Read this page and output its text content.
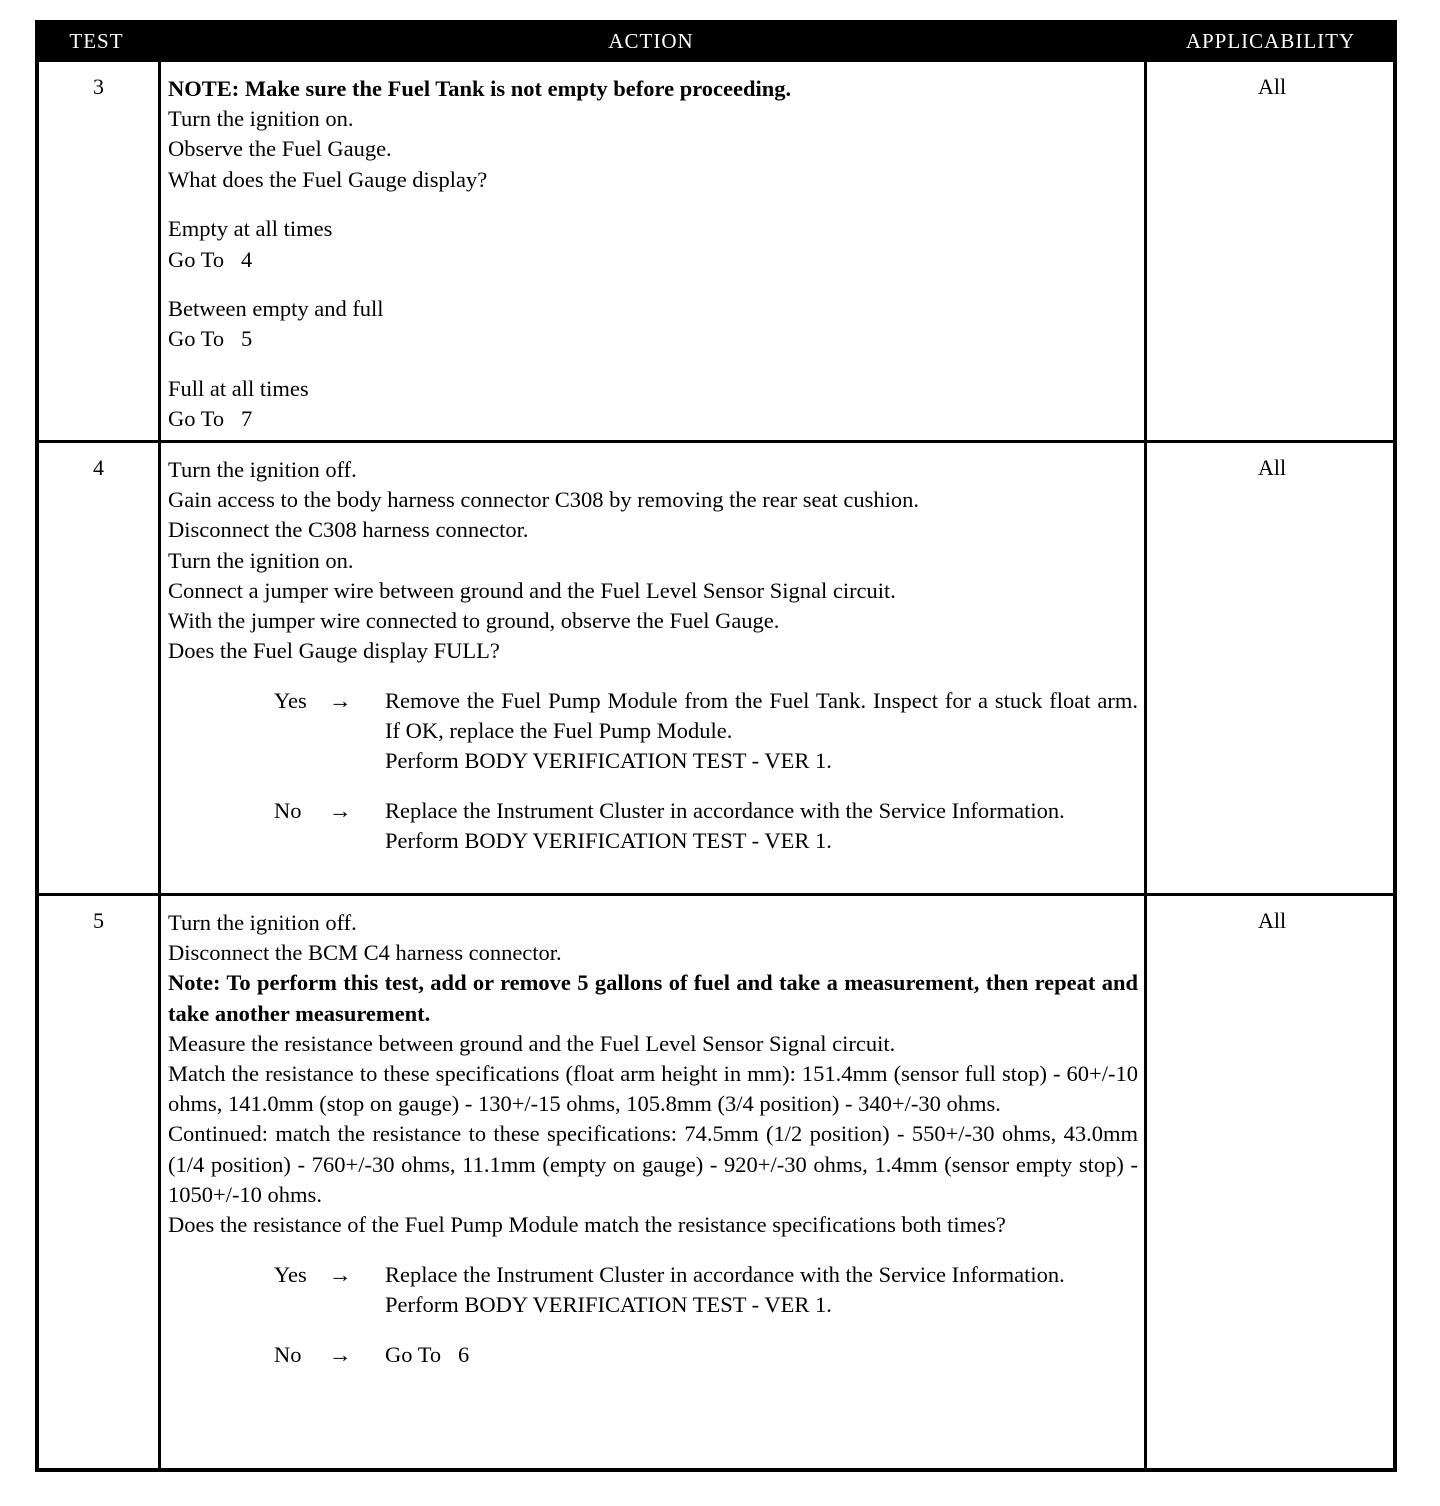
TEST	ACTION	APPLICABILITY
3	NOTE: Make sure the Fuel Tank is not empty before proceeding.

Turn the ignition on.

Observe the Fuel Gauge.

What does the Fuel Gauge display?

Empty at all times

Go To   4

Between empty and full

Go To   5

Full at all times

Go To   7

All
4	Turn the ignition off.

Gain access to the body harness connector C308 by removing the rear seat cushion.

Disconnect the C308 harness connector.

Turn the ignition on.

Connect a jumper wire between ground and the Fuel Level Sensor Signal circuit.

With the jumper wire connected to ground, observe the Fuel Gauge.

Does the Fuel Gauge display FULL?

Yes →	Remove the Fuel Pump Module from the Fuel Tank. Inspect for a stuck float arm. If OK, replace the Fuel Pump Module.

Perform BODY VERIFICATION TEST - VER 1.

No	→	Replace the Instrument Cluster in accordance with the Service Information.

Perform BODY VERIFICATION TEST - VER 1.

All
5	Turn the ignition off.

Disconnect the BCM C4 harness connector.

Note: To perform this test, add or remove 5 gallons of fuel and take a measurement, then repeat and take another measurement.

Measure the resistance between ground and the Fuel Level Sensor Signal circuit.

Match the resistance to these specifications (float arm height in mm): 151.4mm (sensor full stop) - 60+/-10 ohms, 141.0mm (stop on gauge) - 130+/-15 ohms, 105.8mm (3/4 position) - 340+/-30 ohms.

Continued: match the resistance to these specifications: 74.5mm (1/2 position) - 550+/-30 ohms, 43.0mm (1/4 position) - 760+/-30 ohms, 11.1mm (empty on gauge) - 920+/-30 ohms, 1.4mm (sensor empty stop) - 1050+/-10 ohms.

Does the resistance of the Fuel Pump Module match the resistance specifications both times?

Yes →	Replace the Instrument Cluster in accordance with the Service Information.

Perform BODY VERIFICATION TEST - VER 1.

No	→	Go To   6

All
